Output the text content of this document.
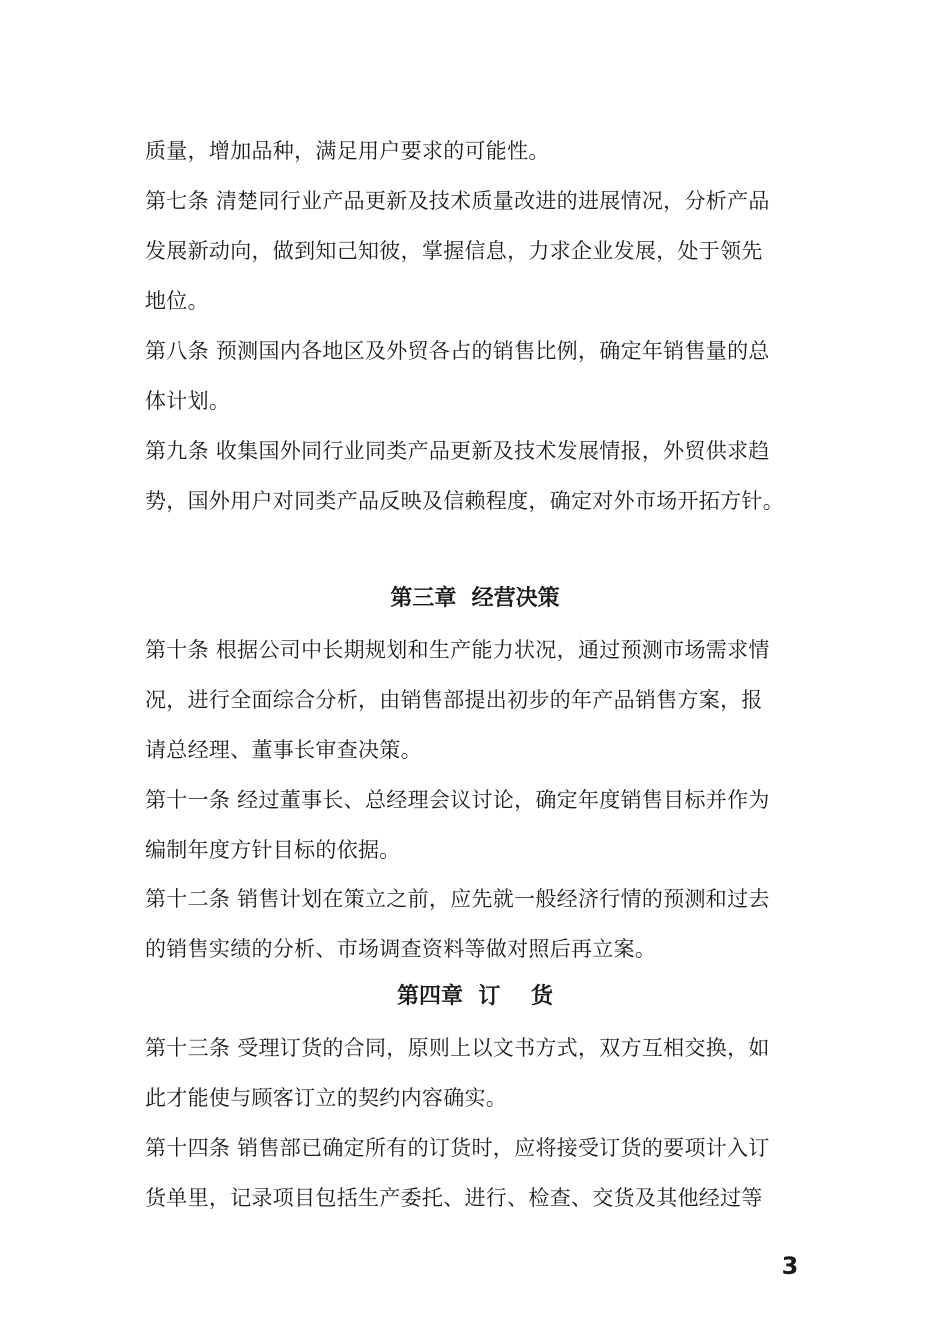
质量，增加品种，满足用户要求的可能性。
第七条 清楚同行业产品更新及技术质量改进的进展情况，分析产品
发展新动向，做到知己知彼，掌握信息，力求企业发展，处于领先
地位。
第八条 预测国内各地区及外贸各占的销售比例，确定年销售量的总
体计划。
第九条 收集国外同行业同类产品更新及技术发展情报，外贸供求趋
势，国外用户对同类产品反映及信赖程度，确定对外市场开拓方针。
第三章  经营决策
第十条 根据公司中长期规划和生产能力状况，通过预测市场需求情
况，进行全面综合分析，由销售部提出初步的年产品销售方案，报
请总经理、董事长审查决策。
第十一条 经过董事长、总经理会议讨论，确定年度销售目标并作为
编制年度方针目标的依据。
第十二条 销售计划在策立之前，应先就一般经济行情的预测和过去
的销售实绩的分析、市场调查资料等做对照后再立案。
第四章  订    货
第十三条 受理订货的合同，原则上以文书方式，双方互相交换，如
此才能使与顾客订立的契约内容确实。
第十四条 销售部已确定所有的订货时，应将接受订货的要项计入订
货单里，记录项目包括生产委托、进行、检查、交货及其他经过等
3
